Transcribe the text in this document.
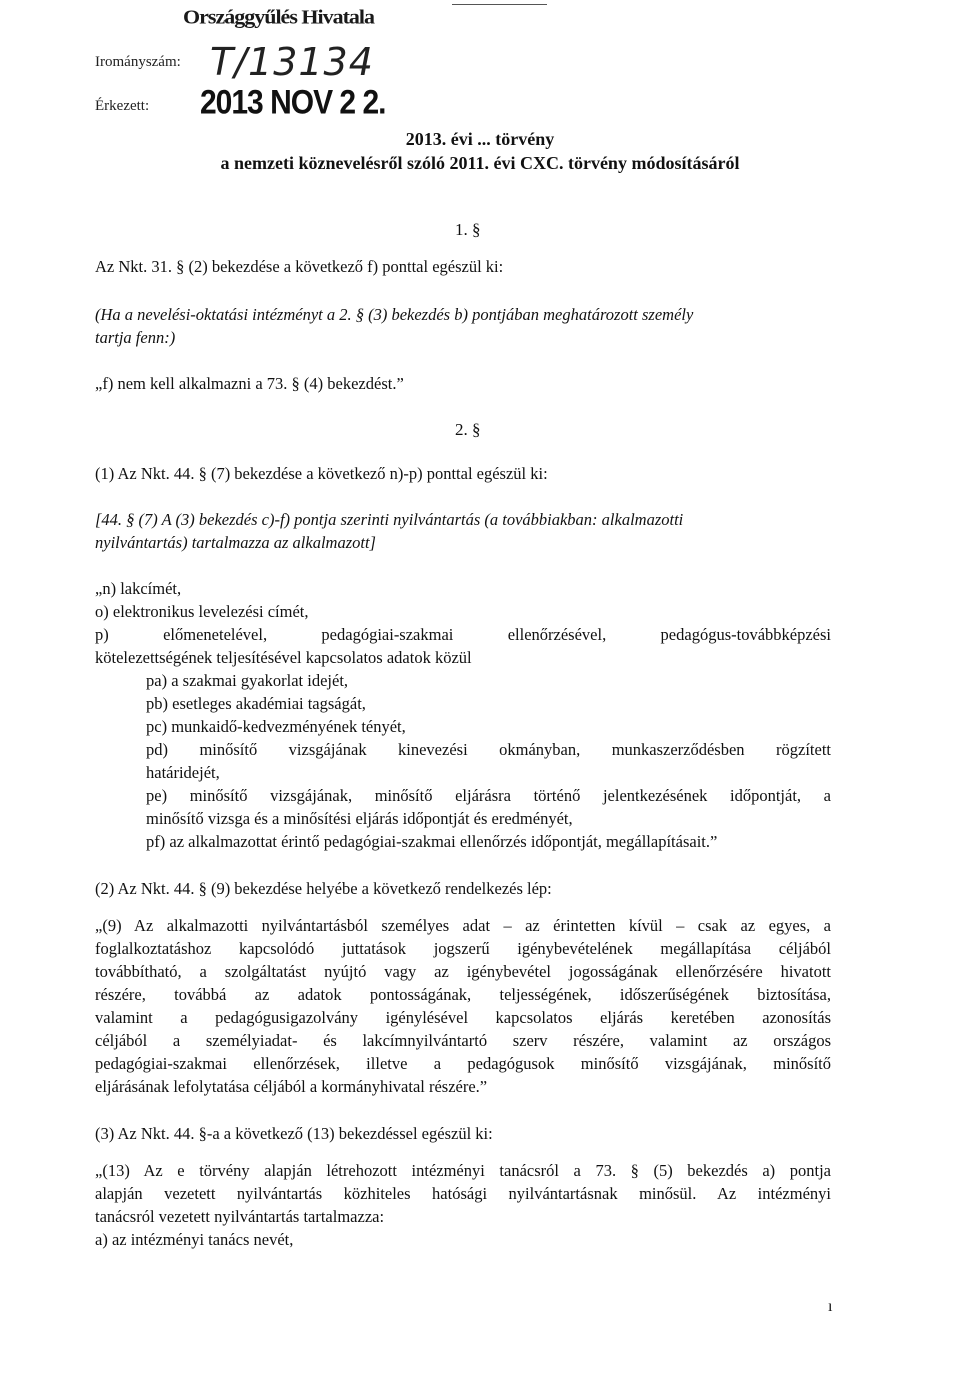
Országgyűlés Hivatala
Irományszám: T/13134
Érkezett: 2013 NOV 2 2.
2013. évi ... törvény
a nemzeti köznevelésről szóló 2011. évi CXC. törvény módosításáról
1. §
Az Nkt. 31. § (2) bekezdése a következő f) ponttal egészül ki:
(Ha a nevelési-oktatási intézményt a 2. § (3) bekezdés b) pontjában meghatározott személy
tartja fenn:)
„f) nem kell alkalmazni a 73. § (4) bekezdést.”
2. §
(1) Az Nkt. 44. § (7) bekezdése a következő n)-p) ponttal egészül ki:
[44. § (7) A (3) bekezdés c)-f) pontja szerinti nyilvántartás (a továbbiakban: alkalmazotti
nyilvántartás) tartalmazza az alkalmazott]
„n) lakcímét,
o) elektronikus levelezési címét,
p) előmenetelével, pedagógiai-szakmai ellenőrzésével, pedagógus-továbbképzési
kötelezettségének teljesítésével kapcsolatos adatok közül
pa) a szakmai gyakorlat idejét,
pb) esetleges akadémiai tagságát,
pc) munkaidő-kedvezményének tényét,
pd) minősítő vizsgájának kinevezési okmányban, munkaszerződésben rögzített
határidejét,
pe) minősítő vizsgájának, minősítő eljárásra történő jelentkezésének időpontját, a
minősítő vizsga és a minősítési eljárás időpontját és eredményét,
pf) az alkalmazottat érintő pedagógiai-szakmai ellenőrzés időpontját, megállapításait.”
(2) Az Nkt. 44. § (9) bekezdése helyébe a következő rendelkezés lép:
„(9) Az alkalmazotti nyilvántartásból személyes adat – az érintetten kívül – csak az egyes, a
foglalkoztatáshoz kapcsolódó juttatások jogszerű igénybevételének megállapítása céljából
továbbítható, a szolgáltatást nyújtó vagy az igénybevétel jogosságának ellenőrzésére hivatott
részére, továbbá az adatok pontosságának, teljességének, időszerűségének biztosítása,
valamint a pedagógusigazolvány igénylésével kapcsolatos eljárás keretében azonosítás
céljából a személyiadat- és lakcímnyilvántartó szerv részére, valamint az országos
pedagógiai-szakmai ellenőrzések, illetve a pedagógusok minősítő vizsgájának, minősítő
eljárásának lefolytatása céljából a kormányhivatal részére.”
(3) Az Nkt. 44. §-a a következő (13) bekezdéssel egészül ki:
„(13) Az e törvény alapján létrehozott intézményi tanácsról a 73. § (5) bekezdés a) pontja
alapján vezetett nyilvántartás közhiteles hatósági nyilvántartásnak minősül. Az intézményi
tanácsról vezetett nyilvántartás tartalmazza:
a) az intézményi tanács nevét,
ı
